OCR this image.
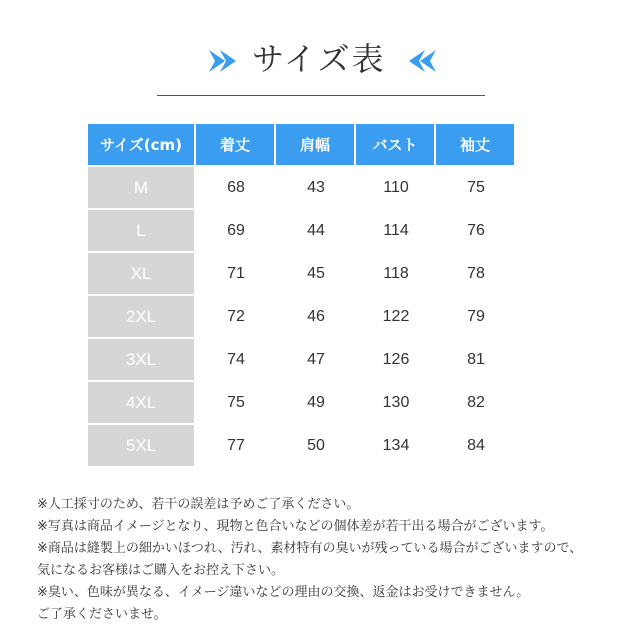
サイズ表
サイズ(cm)	着丈	肩幅	バスト	袖丈
M	68	43	110	75
L	69	44	114	76
XL	71	45	118	78
2XL	72	46	122	79
3XL	74	47	126	81
4XL	75	49	130	82
5XL	77	50	134	84
※人工採寸のため、若干の誤差は予めご了承ください。
※写真は商品イメージとなり、現物と色合いなどの個体差が若干出る場合がございます。
※商品は縫製上の細かいほつれ、汚れ、素材特有の臭いが残っている場合がございますので、
気になるお客様はご購入をお控え下さい。
※臭い、色味が異なる、イメージ違いなどの理由の交換、返金はお受けできません。
ご了承くださいませ。
